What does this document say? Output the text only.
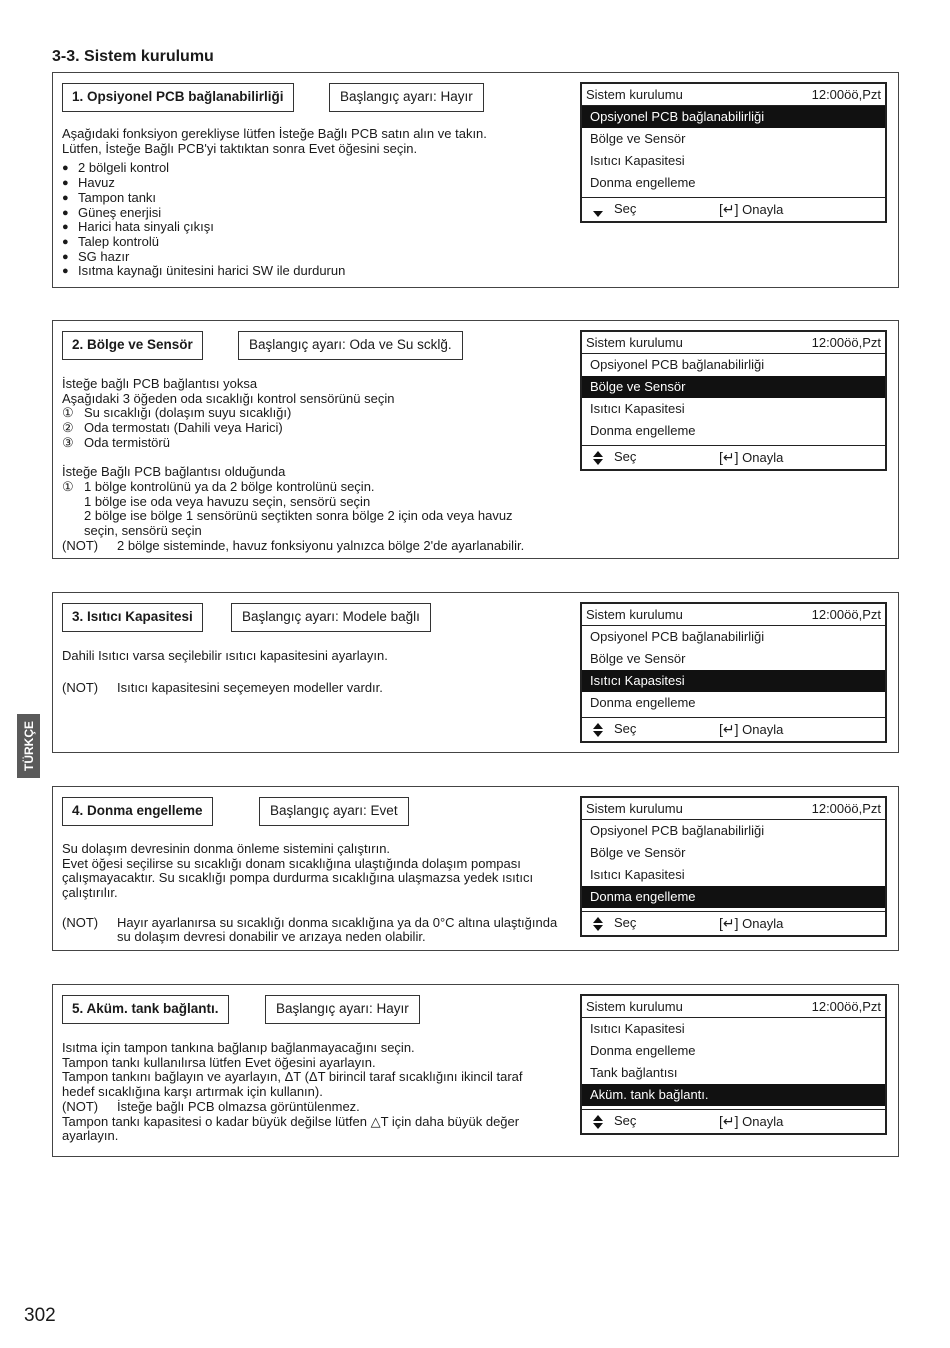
3-3. Sistem kurulumu
1. Opsiyonel PCB bağlanabilirliği	Başlangıç ayarı: Hayır

Aşağıdaki fonksiyon gerekliyse lütfen İsteğe Bağlı PCB satın alın ve takın.

Lütfen, İsteğe Bağlı PCB'yi taktıktan sonra Evet öğesini seçin.

● 2 bölgeli kontrol
● Havuz
● Tampon tankı
● Güneş enerjisi
● Harici hata sinyali çıkışı
● Talep kontrolü
● SG hazır
● Isıtma kaynağı ünitesini harici SW ile durdurun
Sistem kurulumu	12:00öö,Pzt
Opsiyonel PCB bağlanabilirliği
Bölge ve Sensör
Isıtıcı Kapasitesi
Donma engelleme
Seç	[↵] Onayla
2. Bölge ve Sensör	Başlangıç ayarı: Oda ve Su scklğ.

İsteğe bağlı PCB bağlantısı yoksa

Aşağıdaki 3 öğeden oda sıcaklığı kontrol sensörünü seçin

① Su sıcaklığı (dolaşım suyu sıcaklığı)

② Oda termostatı (Dahili veya Harici)

③ Oda termistörü

İsteğe Bağlı PCB bağlantısı olduğunda

① 1 bölge kontrolünü ya da 2 bölge kontrolünü seçin.

1 bölge ise oda veya havuzu seçin, sensörü seçin

2 bölge ise bölge 1 sensörünü seçtikten sonra bölge 2 için oda veya havuz

seçin, sensörü seçin

(NOT)	2 bölge sisteminde, havuz fonksiyonu yalnızca bölge 2'de ayarlanabilir.
Sistem kurulumu	12:00öö,Pzt
Opsiyonel PCB bağlanabilirliği
Bölge ve Sensör
Isıtıcı Kapasitesi
Donma engelleme
Seç	[↵] Onayla
3. Isıtıcı Kapasitesi	Başlangıç ayarı: Modele bağlı

Dahili Isıtıcı varsa seçilebilir ısıtıcı kapasitesini ayarlayın.

(NOT)	Isıtıcı kapasitesini seçemeyen modeller vardır.
Sistem kurulumu	12:00öö,Pzt
Opsiyonel PCB bağlanabilirliği
Bölge ve Sensör
Isıtıcı Kapasitesi
Donma engelleme
Seç	[↵] Onayla
4. Donma engelleme	Başlangıç ayarı: Evet

Su dolaşım devresinin donma önleme sistemini çalıştırın.

Evet öğesi seçilirse su sıcaklığı donam sıcaklığına ulaştığında dolaşım pompası

çalışmayacaktır. Su sıcaklığı pompa durdurma sıcaklığına ulaşmazsa yedek ısıtıcı

çalıştırılır.

(NOT)	Hayır ayarlanırsa su sıcaklığı donma sıcaklığına ya da 0°C altına ulaştığında
su dolaşım devresi donabilir ve arızaya neden olabilir.
Sistem kurulumu	12:00öö,Pzt
Opsiyonel PCB bağlanabilirliği
Bölge ve Sensör
Isıtıcı Kapasitesi
Donma engelleme
Seç	[↵] Onayla
5. Aküm. tank bağlantı.	Başlangıç ayarı: Hayır

Isıtma için tampon tankına bağlanıp bağlanmayacağını seçin.

Tampon tankı kullanılırsa lütfen Evet öğesini ayarlayın.

Tampon tankını bağlayın ve ayarlayın, ΔT (ΔT birincil taraf sıcaklığını ikincil taraf

hedef sıcaklığına karşı artırmak için kullanın).

(NOT)	İsteğe bağlı PCB olmazsa görüntülenmez.

Tampon tankı kapasitesi o kadar büyük değilse lütfen △T için daha büyük değer

ayarlayın.

Sistem kurulumu	12:00öö,Pzt
Isıtıcı Kapasitesi
Donma engelleme
Tank bağlantısı
Aküm. tank bağlantı.
Seç	[↵] Onayla
TÜRKÇE
302
